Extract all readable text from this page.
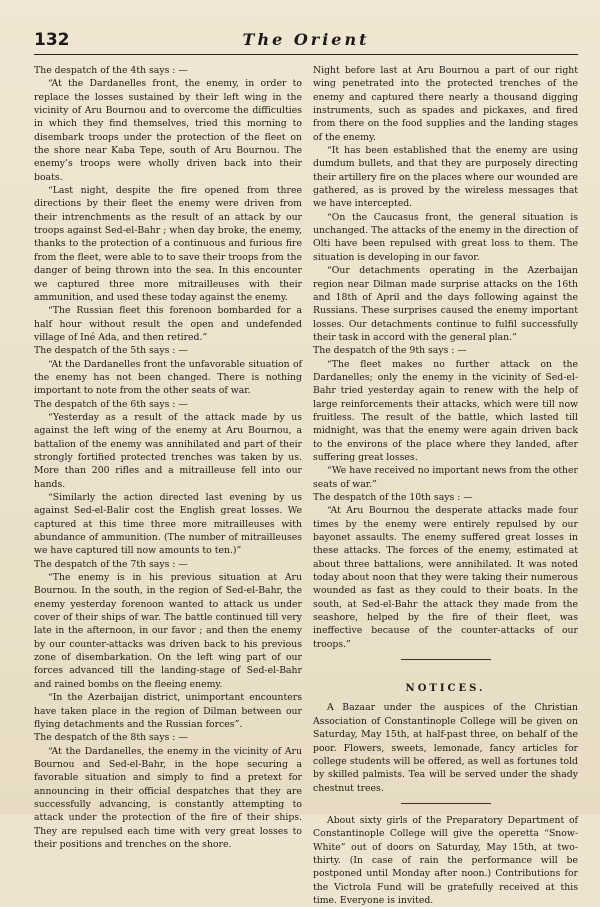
132	The Orient

The despatch of the 4th says : —

“At the Dardanelles front, the enemy, in order to replace the losses sustained by their left wing in the vicinity of Aru Bournou and to overcome the difficulties in which they find themselves, tried this morning to disembark troops under the protection of the fleet on the shore near Kaba Tepe, south of Aru Bournou. The enemy’s troops were wholly driven back into their boats.

“Last night, despite the fire opened from three directions by their fleet the enemy were driven from their intrenchments as the result of an attack by our troops against Sed-el-Bahr ; when day broke, the enemy, thanks to the protection of a continuous and furious fire from the fleet, were able to to save their troops from the danger of being thrown into the sea. In this encounter we captured three more mitrailleuses with their ammunition, and used these today against the enemy.

“The Russian fleet this forenoon bombarded for a half hour without result the open and undefended village of Iné Ada, and then retired.”

The despatch of the 5th says : —

“At the Dardanelles front the unfavorable situation of the enemy has not been changed. There is nothing important to note from the other seats of war.

The despatch of the 6th says : —

“Yesterday as a result of the attack made by us against the left wing of the enemy at Aru Bournou, a battalion of the enemy was annihilated and part of their strongly fortified protected trenches was taken by us. More than 200 rifles and a mitrailleuse fell into our hands.

“Similarly the action directed last evening by us against Sed-el-Balir cost the English great losses. We captured at this time three more mitrailleuses with abundance of ammunition. (The number of mitrailleuses we have captured till now amounts to ten.)”

The despatch of the 7th says : —

“The enemy is in his previous situation at Aru Bournou. In the south, in the region of Sed-el-Bahr, the enemy yesterday forenoon wanted to attack us under cover of their ships of war. The battle continued till very late in the afternoon, in our favor ; and then the enemy by our counter-attacks was driven back to his previous zone of disembarkation. On the left wing part of our forces advanced till the landing-stage of Sed-el-Bahr and rained bombs on the fleeing enemy.

“In the Azerbaijan district, unimportant encounters have taken place in the region of Dilman between our flying detachments and the Russian forces”.

The despatch of the 8th says : —

“At the Dardanelles, the enemy in the vicinity of Aru Bournou and Sed-el-Bahr, in the hope securing a favorable situation and simply to find a pretext for announcing in their official despatches that they are successfully advancing, is constantly attempting to attack under the protection of the fire of their ships. They are repulsed each time with very great losses to their positions and trenches on the shore.

Night before last at Aru Bournou a part of our right wing penetrated into the protected trenches of the enemy and captured there nearly a thousand digging instruments, such as spades and pickaxes, and fired from there on the food supplies and the landing stages of the enemy.

“It has been established that the enemy are using dumdum bullets, and that they are purposely directing their artillery fire on the places where our wounded are gathered, as is proved by the wireless messages that we have intercepted.

“On the Caucasus front, the general situation is unchanged. The attacks of the enemy in the direction of Olti have been repulsed with great loss to them. The situation is developing in our favor.

“Our detachments operating in the Azerbaijan region near Dilman made surprise attacks on the 16th and 18th of April and the days following against the Russians. These surprises caused the enemy important losses. Our detachments continue to fulfil successfully their task in accord with the general plan.”

The despatch of the 9th says : —

“The fleet makes no further attack on the Dardanelles; only the enemy in the vicinity of Sed-el-Bahr tried yesterday again to renew with the help of large reinforcements their attacks, which were till now fruitless. The result of the battle, which lasted till midnight, was that the enemy were again driven back to the environs of the place where they landed, after suffering great losses.

“We have received no important news from the other seats of war.”

The despatch of the 10th says : —

“At Aru Bournou the desperate attacks made four times by the enemy were entirely repulsed by our bayonet assaults. The enemy suffered great losses in these attacks. The forces of the enemy, estimated at about three battalions, were annihilated. It was noted today about noon that they were taking their numerous wounded as fast as they could to their boats. In the south, at Sed-el-Bahr the attack they made from the seashore, helped by the fire of their fleet, was ineffective because of the counter-attacks of our troops.”

NOTICES.

A Bazaar under the auspices of the Christian Association of Constantinople College will be given on Saturday, May 15th, at half-past three, on behalf of the poor. Flowers, sweets, lemonade, fancy articles for college students will be offered, as well as fortunes told by skilled palmists. Tea will be served under the shady chestnut trees.

About sixty girls of the Preparatory Department of Constantinople College will give the operetta “Snow-White” out of doors on Saturday, May 15th, at two-thirty. (In case of rain the performance will be postponed until Monday after noon.) Contributions for the Victrola Fund will be gratefully received at this time. Everyone is invited.
